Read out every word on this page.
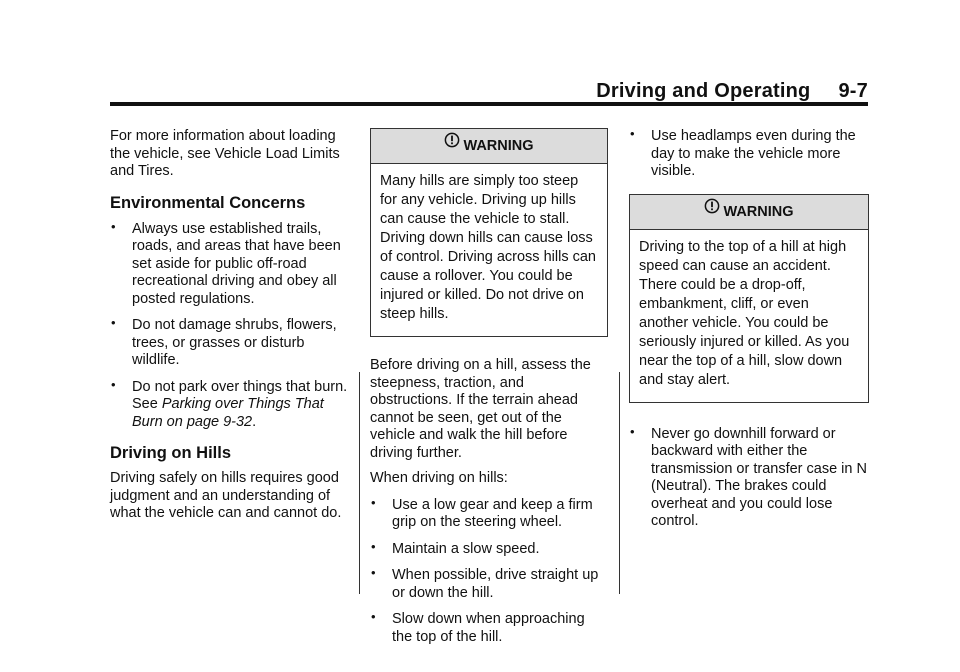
Driving and Operating 9-7

For more information about loading the vehicle, see Vehicle Load Limits and Tires.

Environmental Concerns
• Always use established trails, roads, and areas that have been set aside for public off-road recreational driving and obey all posted regulations.
• Do not damage shrubs, flowers, trees, or grasses or disturb wildlife.
• Do not park over things that burn. See Parking over Things That Burn on page 9-32.
Driving on Hills

Driving safely on hills requires good judgment and an understanding of what the vehicle can and cannot do.

WARNING
Many hills are simply too steep for any vehicle. Driving up hills can cause the vehicle to stall. Driving down hills can cause loss of control. Driving across hills can cause a rollover. You could be injured or killed. Do not drive on steep hills.

Before driving on a hill, assess the steepness, traction, and obstructions. If the terrain ahead cannot be seen, get out of the vehicle and walk the hill before driving further.

When driving on hills:

• Use a low gear and keep a firm grip on the steering wheel.
• Maintain a slow speed.
• When possible, drive straight up or down the hill.
• Slow down when approaching the top of the hill.
• Use headlamps even during the day to make the vehicle more visible.
WARNING
Driving to the top of a hill at high speed can cause an accident. There could be a drop-off, embankment, cliff, or even another vehicle. You could be seriously injured or killed. As you near the top of a hill, slow down and stay alert.
• Never go downhill forward or backward with either the transmission or transfer case in N (Neutral). The brakes could overheat and you could lose control.
